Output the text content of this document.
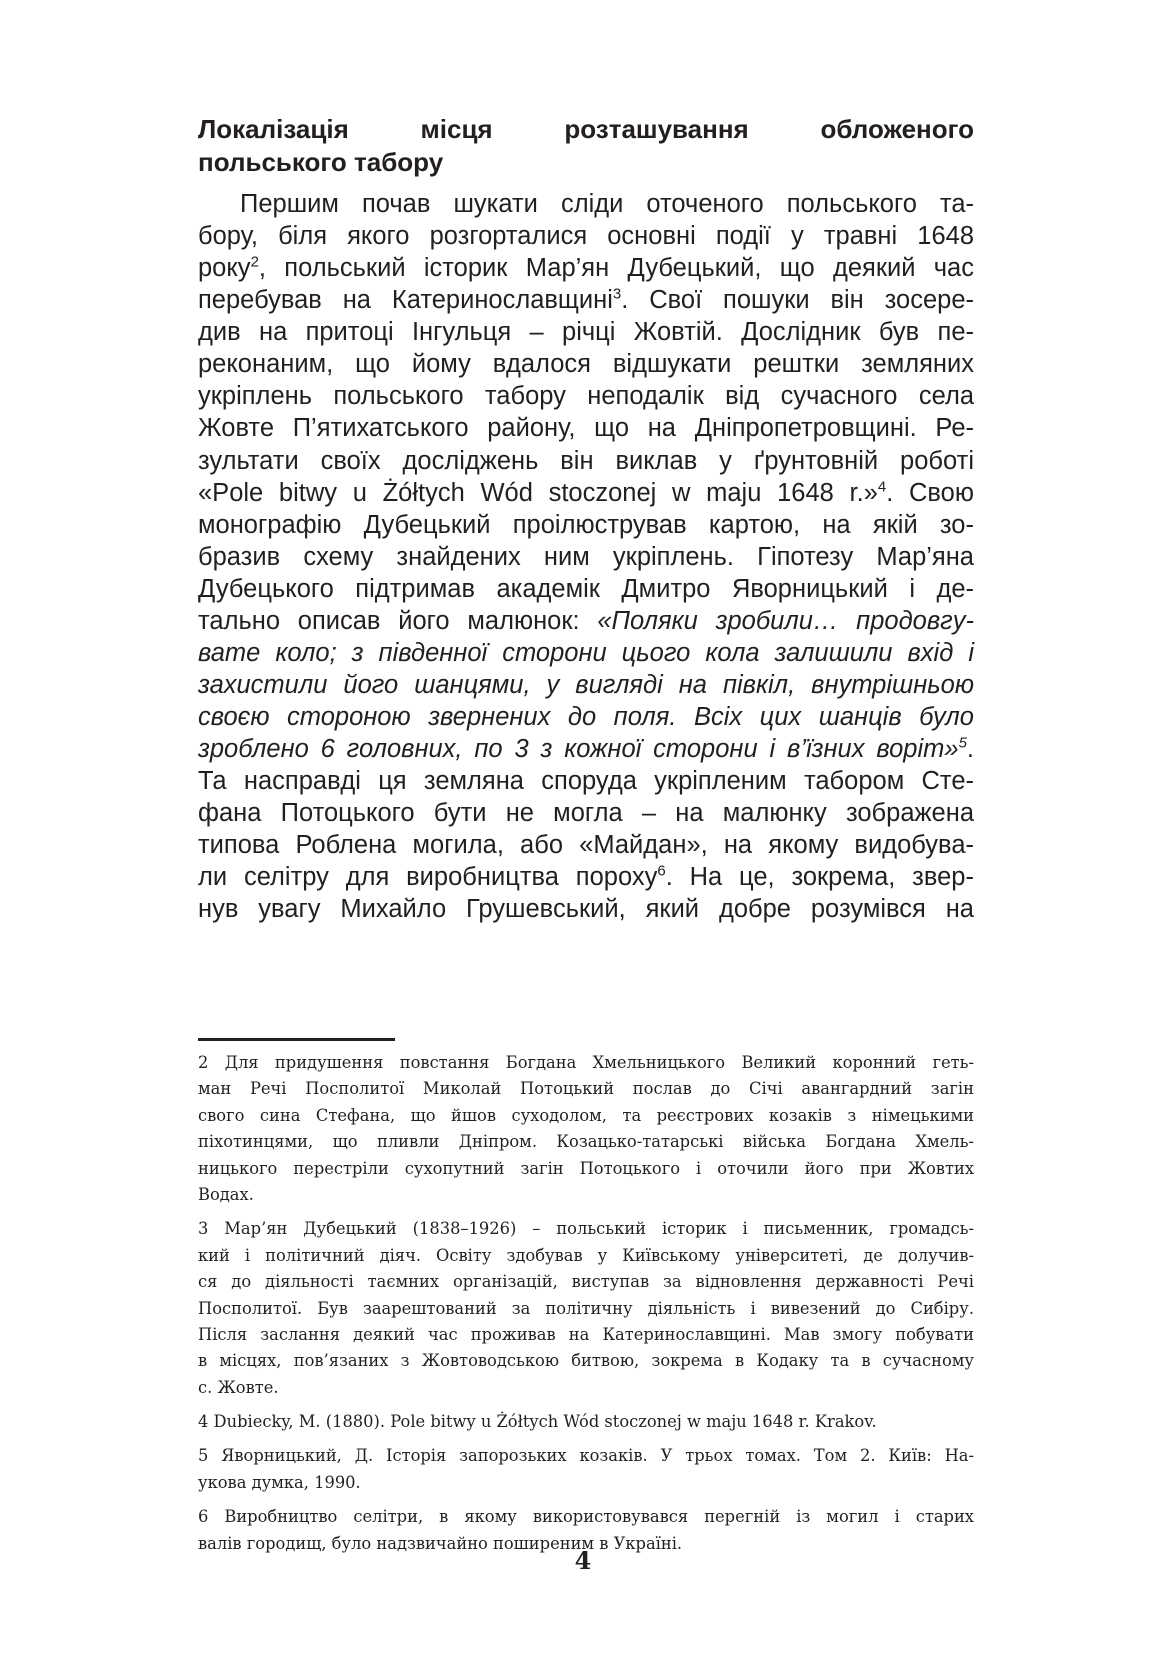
Локалізація місця розташування обложеного
польського табору
Першим почав шукати сліди оточеного польського та-
бору, біля якого розгорталися основні події у травні 1648
року$^2$, польський історик Мар’ян Дубецький, що деякий час
перебував на Катеринославщині$^3$. Свої пошуки він зосере-
див на притоці Інгульця – річці Жовтій. Дослідник був пе-
реконаним, що йому вдалося відшукати рештки земляних
укріплень польського табору неподалік від сучасного села
Жовте П’ятихатського району, що на Дніпропетровщині. Ре-
зультати своїх досліджень він виклав у ґрунтовній роботі
«Pole bitwy u Żółtych Wód stoczonej w maju 1648 r.»$^4$. Свою
монографію Дубецький проілюстрував картою, на якій зо-
бразив схему знайдених ним укріплень. Гіпотезу Мар’яна
Дубецького підтримав академік Дмитро Яворницький і де-
тально описав його малюнок: «Поляки зробили… продовгу-
вате коло; з південної сторони цього кола залишили вхід і
захистили його шанцями, у вигляді на півкіл, внутрішньою
своєю стороною звернених до поля. Всіх цих шанців було
зроблено 6 головних, по 3 з кожної сторони і в’їзних воріт»$^5$.
Та насправді ця земляна споруда укріпленим табором Сте-
фана Потоцького бути не могла – на малюнку зображена
типова Роблена могила, або «Майдан», на якому видобува-
ли селітру для виробництва пороху$^6$. На це, зокрема, звер-
нув увагу Михайло Грушевський, який добре розумівся на
2 Для придушення повстання Богдана Хмельницького Великий коронний геть-
ман Речі Посполитої Миколай Потоцький послав до Січі авангардний загін
свого сина Стефана, що йшов суходолом, та реєстрових козаків з німецькими
піхотинцями, що пливли Дніпром. Козацько-татарські війська Богдана Хмель-
ницького перестріли сухопутний загін Потоцького і оточили його при Жовтих
Водах.
3 Мар’ян Дубецький (1838–1926) – польський історик і письменник, громадсь-
кий і політичний діяч. Освіту здобував у Київському університеті, де долучив-
ся до діяльності таємних організацій, виступав за відновлення державності Речі
Посполитої. Був заарештований за політичну діяльність і вивезений до Сибіру.
Після заслання деякий час проживав на Катеринославщині. Мав змогу побувати
в місцях, пов’язаних з Жовтоводською битвою, зокрема в Кодаку та в сучасному
с. Жовте.
4 Dubiecky, M. (1880). Pole bitwy u Żółtych Wód stoczonej w maju 1648 r. Krakov.
5 Яворницький, Д. Історія запорозьких козаків. У трьох томах. Том 2. Київ: На-
укова думка, 1990.
6 Виробництво селітри, в якому використовувався перегній із могил і старих
валів городищ, було надзвичайно поширеним в Україні.
4
